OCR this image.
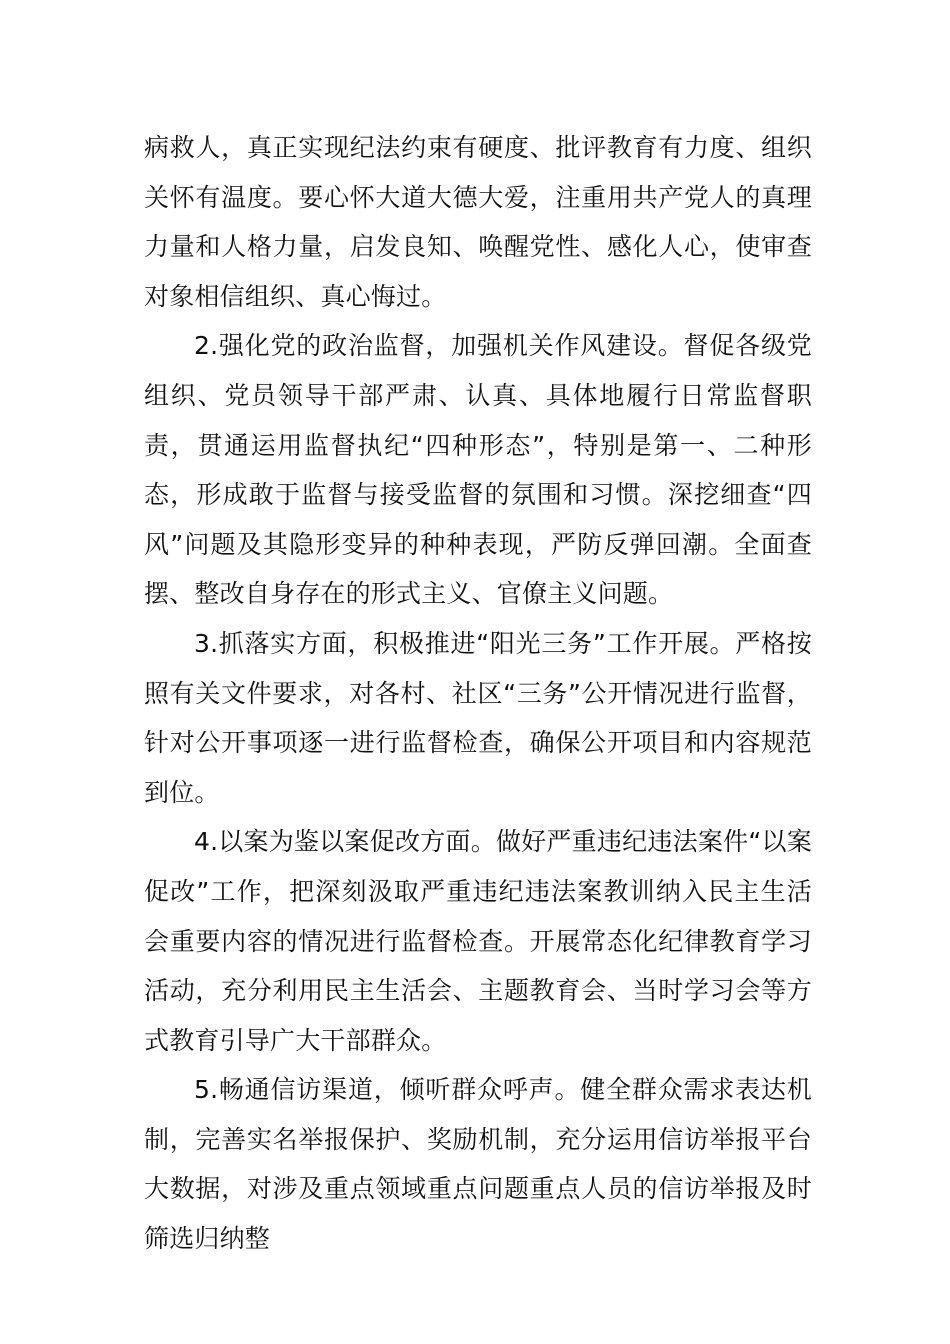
病救人，真正实现纪法约束有硬度、批评教育有力度、组织关怀有温度。要心怀大道大德大爱，注重用共产党人的真理力量和人格力量，启发良知、唤醒党性、感化人心，使审查对象相信组织、真心悔过。

2.强化党的政治监督，加强机关作风建设。督促各级党组织、党员领导干部严肃、认真、具体地履行日常监督职责，贯通运用监督执纪“四种形态”，特别是第一、二种形态，形成敢于监督与接受监督的氛围和习惯。深挖细查“四风”问题及其隐形变异的种种表现，严防反弹回潮。全面查摆、整改自身存在的形式主义、官僚主义问题。

3.抓落实方面，积极推进“阳光三务”工作开展。严格按照有关文件要求，对各村、社区“三务”公开情况进行监督，针对公开事项逐一进行监督检查，确保公开项目和内容规范到位。

4.以案为鉴以案促改方面。做好严重违纪违法案件“以案促改”工作，把深刻汲取严重违纪违法案教训纳入民主生活会重要内容的情况进行监督检查。开展常态化纪律教育学习活动，充分利用民主生活会、主题教育会、当时学习会等方式教育引导广大干部群众。

5.畅通信访渠道，倾听群众呼声。健全群众需求表达机制，完善实名举报保护、奖励机制，充分运用信访举报平台大数据，对涉及重点领域重点问题重点人员的信访举报及时筛选归纳整
